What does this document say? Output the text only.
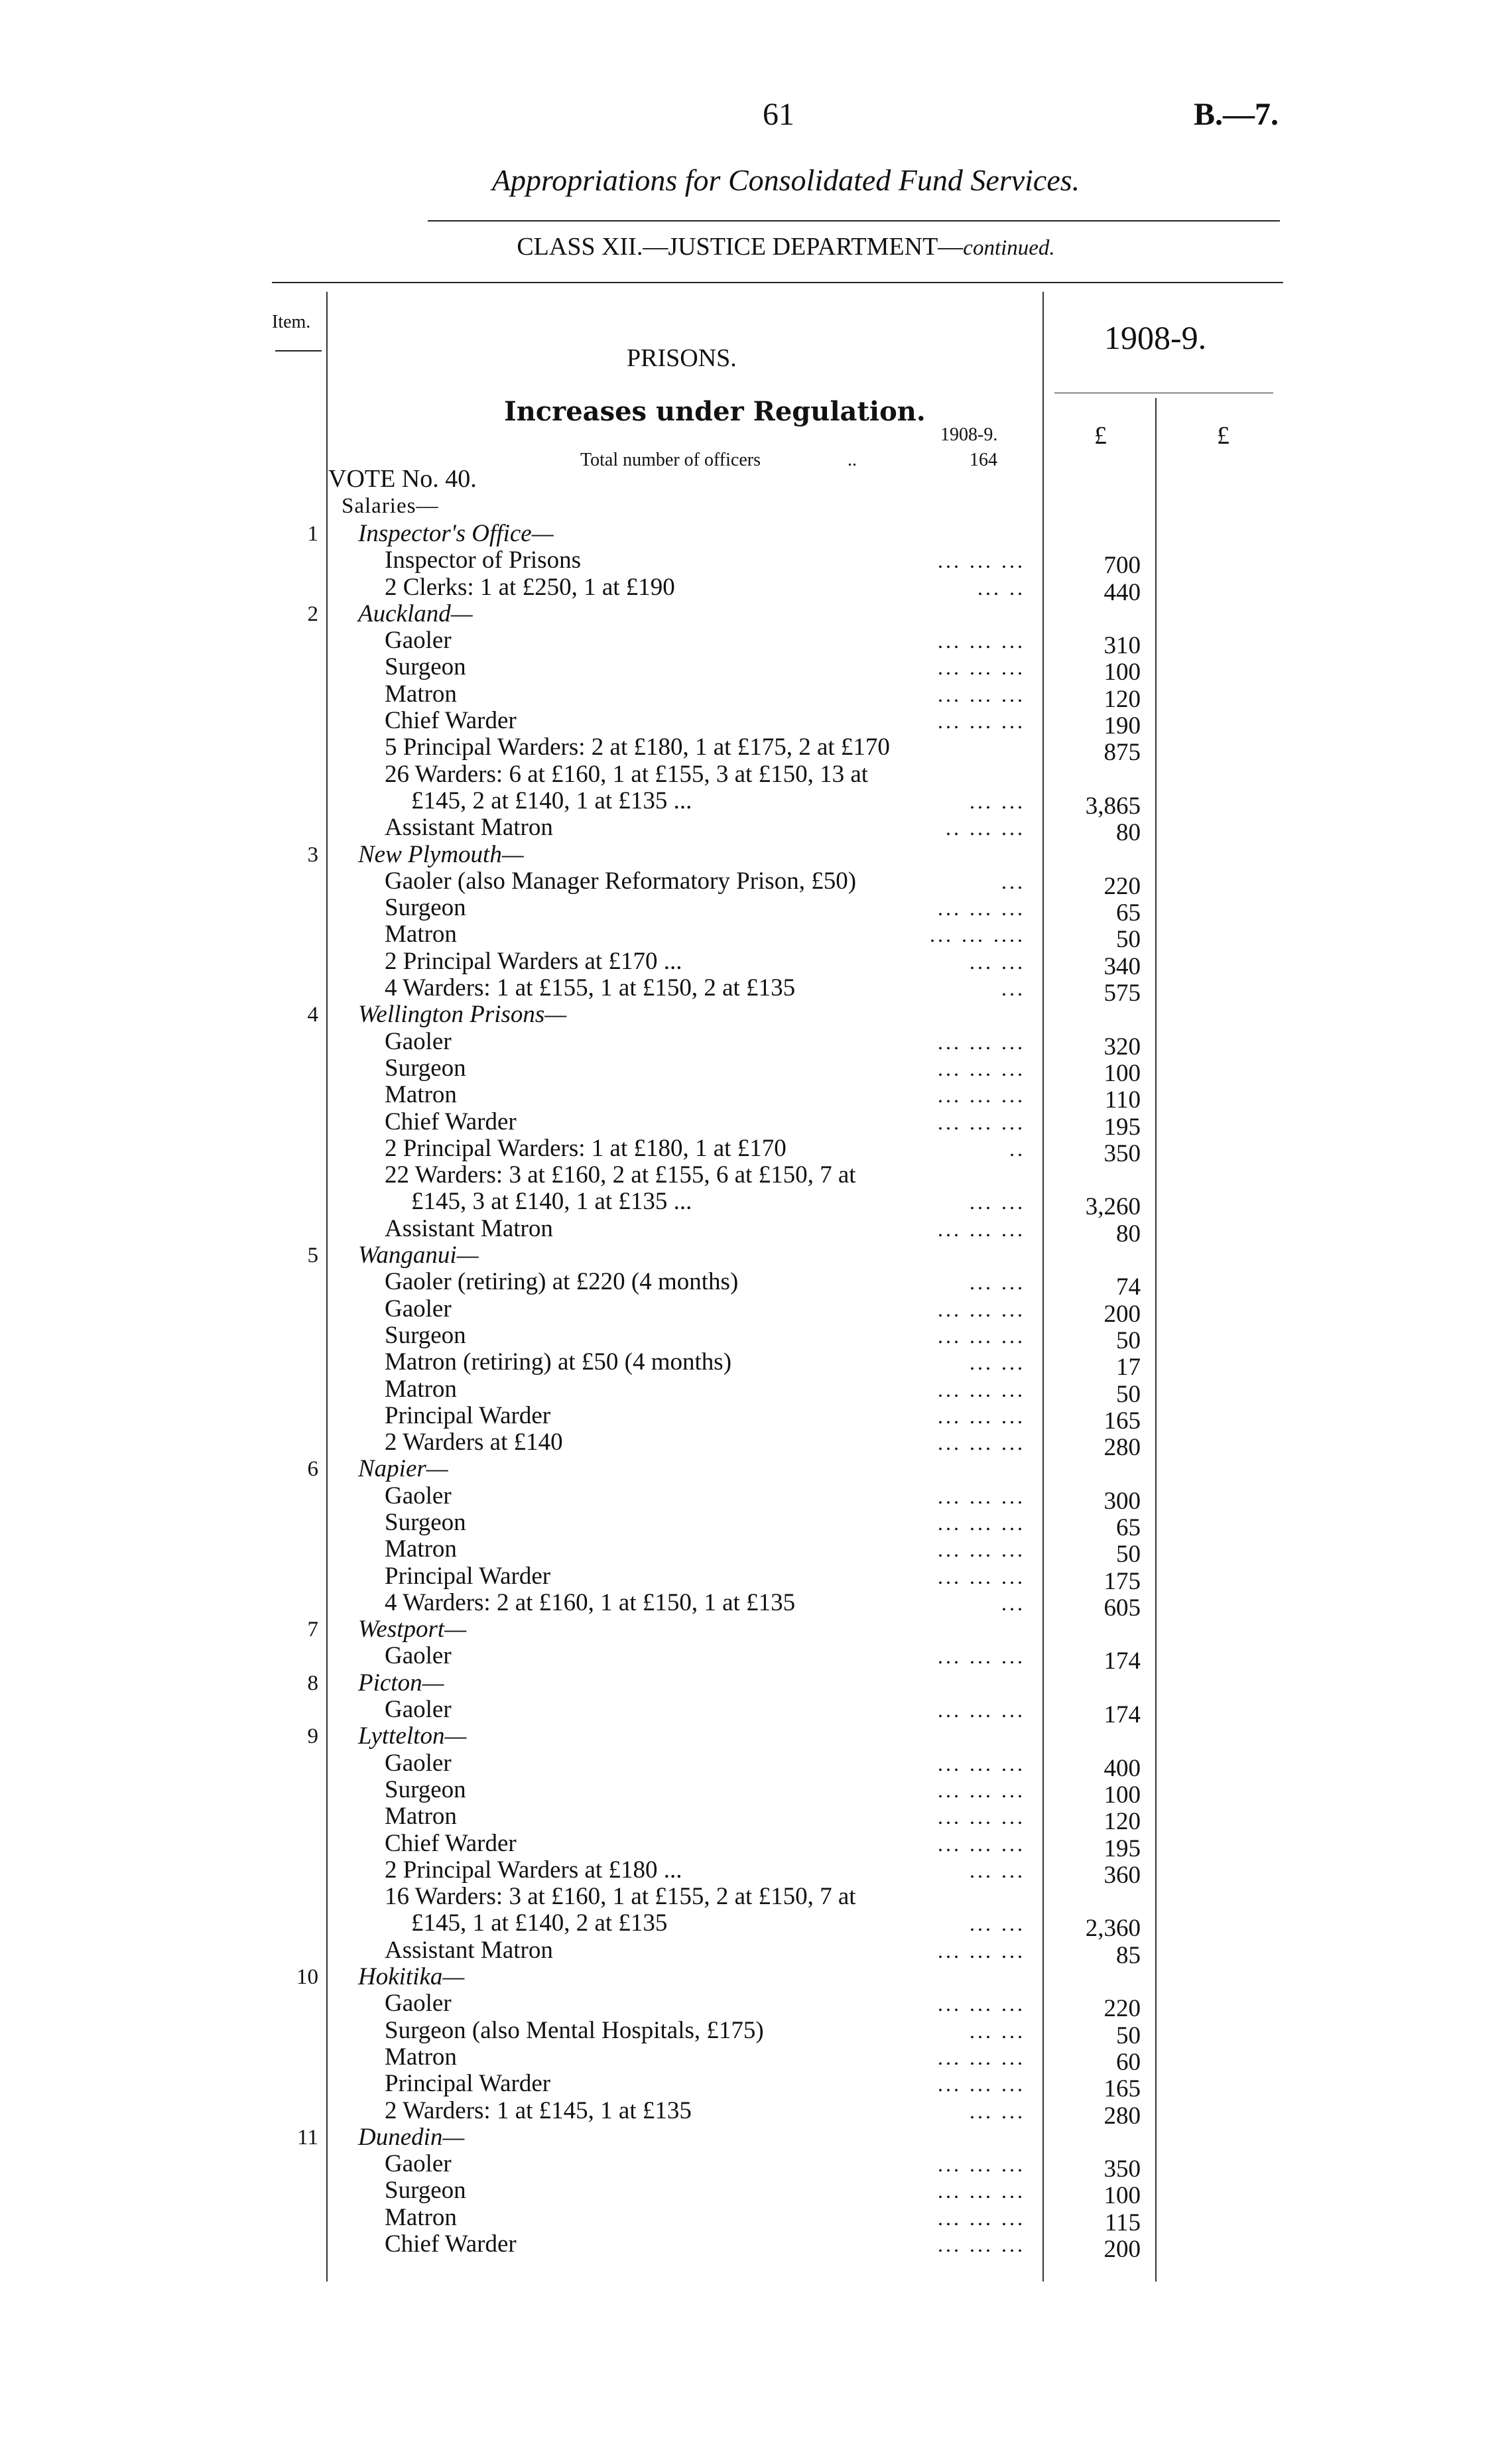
61	B.—7.
Appropriations for Consolidated Fund Services.
CLASS XII.—JUSTICE DEPARTMENT—continued.
Item.
PRISONS.
1908-9.
Increases under Regulation.
1908-9.
Total number of officers	..	164
£	£
VOTE No. 40.
Salaries—
1 Inspector's Office—
Inspector of Prisons	... ... ...	700
2 Clerks: 1 at £250, 1 at £190	... ..	440
2 Auckland—
Gaoler	... ... ...	310
Surgeon	... ... ...	100
Matron	... ... ...	120
Chief Warder	... ... ...	190
5 Principal Warders: 2 at £180, 1 at £175, 2 at £170	875
26 Warders: 6 at £160, 1 at £155, 3 at £150, 13 at
£145, 2 at £140, 1 at £135 ...	... ...	3,865
Assistant Matron	.. ... ...	80
3 New Plymouth—
Gaoler (also Manager Reformatory Prison, £50)	...	220
Surgeon	... ... ...	65
Matron	... ... ....	50
2 Principal Warders at £170 ...	... ...	340
4 Warders: 1 at £155, 1 at £150, 2 at £135	...	575
4 Wellington Prisons—
Gaoler	... ... ...	320
Surgeon	... ... ...	100
Matron	... ... ...	110
Chief Warder	... ... ...	195
2 Principal Warders: 1 at £180, 1 at £170	..	350
22 Warders: 3 at £160, 2 at £155, 6 at £150, 7 at
£145, 3 at £140, 1 at £135 ...	... ...	3,260
Assistant Matron	... ... ...	80
5 Wanganui—
Gaoler (retiring) at £220 (4 months)	... ...	74
Gaoler	... ... ...	200
Surgeon	... ... ...	50
Matron (retiring) at £50 (4 months)	... ...	17
Matron	... ... ...	50
Principal Warder	... ... ...	165
2 Warders at £140	... ... ...	280
6 Napier—
Gaoler	... ... ...	300
Surgeon	... ... ...	65
Matron	... ... ...	50
Principal Warder	... ... ...	175
4 Warders: 2 at £160, 1 at £150, 1 at £135	...	605
7 Westport—
Gaoler	... ... ...	174
8 Picton—
Gaoler	... ... ...	174
9 Lyttelton—
Gaoler	... ... ...	400
Surgeon	... ... ...	100
Matron	... ... ...	120
Chief Warder	... ... ...	195
2 Principal Warders at £180 ...	... ...	360
16 Warders: 3 at £160, 1 at £155, 2 at £150, 7 at
£145, 1 at £140, 2 at £135	... ...	2,360
Assistant Matron	... ... ...	85
10 Hokitika—
Gaoler	... ... ...	220
Surgeon (also Mental Hospitals, £175)	... ...	50
Matron	... ... ...	60
Principal Warder	... ... ...	165
2 Warders: 1 at £145, 1 at £135	... ...	280
11 Dunedin—
Gaoler	... ... ...	350
Surgeon	... ... ...	100
Matron	... ... ...	115
Chief Warder	... ... ...	200
